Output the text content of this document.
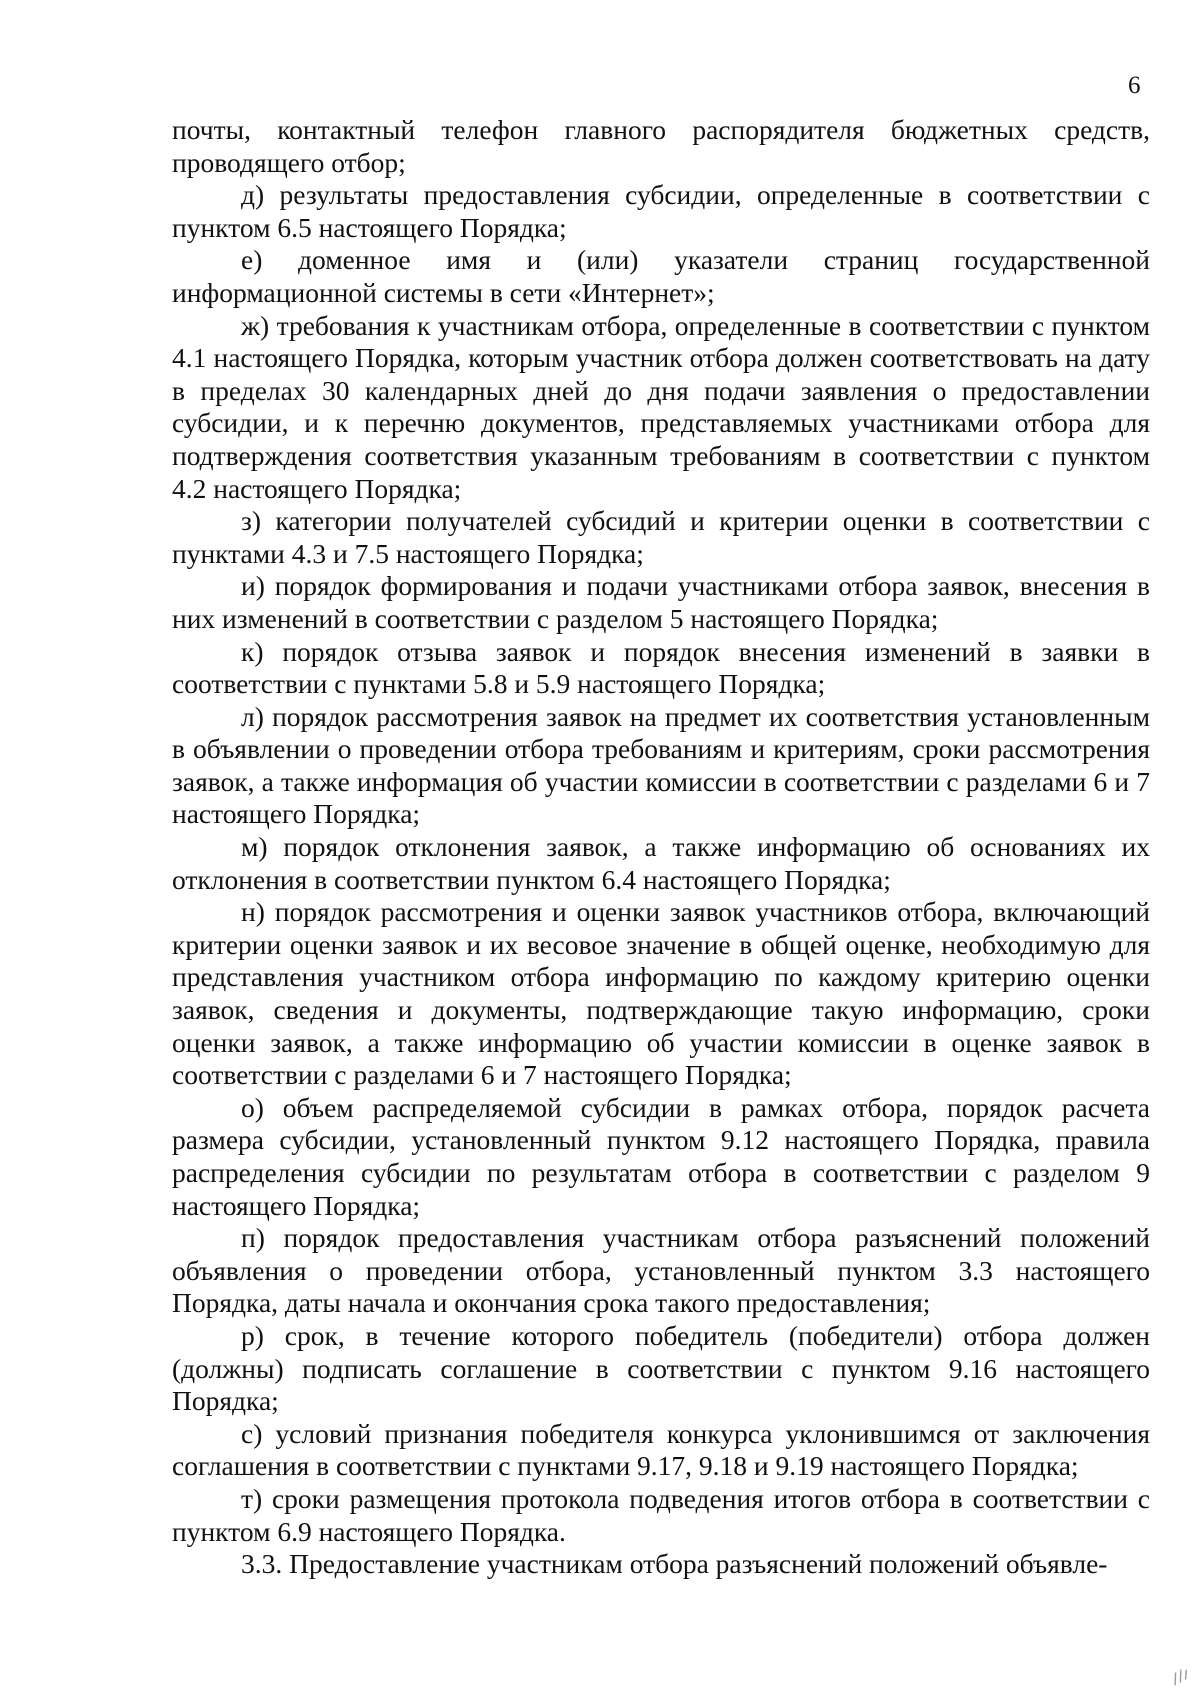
6

почты, контактный телефон главного распорядителя бюджетных средств, проводящего отбор;

д) результаты предоставления субсидии, определенные в соответствии с пунктом 6.5 настоящего Порядка;

е) доменное имя и (или) указатели страниц государственной информационной системы в сети «Интернет»;

ж) требования к участникам отбора, определенные в соответствии с пунктом 4.1 настоящего Порядка, которым участник отбора должен соответствовать на дату в пределах 30 календарных дней до дня подачи заявления о предоставлении субсидии, и к перечню документов, представляемых участниками отбора для подтверждения соответствия указанным требованиям в соответствии с пунктом 4.2 настоящего Порядка;

з) категории получателей субсидий и критерии оценки в соответствии с пунктами 4.3 и 7.5 настоящего Порядка;

и) порядок формирования и подачи участниками отбора заявок, внесения в них изменений в соответствии с разделом 5 настоящего Порядка;

к) порядок отзыва заявок и порядок внесения изменений в заявки в соответствии с пунктами 5.8 и 5.9 настоящего Порядка;

л) порядок рассмотрения заявок на предмет их соответствия установленным в объявлении о проведении отбора требованиям и критериям, сроки рассмотрения заявок, а также информация об участии комиссии в соответствии с разделами 6 и 7 настоящего Порядка;

м) порядок отклонения заявок, а также информацию об основаниях их отклонения в соответствии пунктом 6.4 настоящего Порядка;

н) порядок рассмотрения и оценки заявок участников отбора, включающий критерии оценки заявок и их весовое значение в общей оценке, необходимую для представления участником отбора информацию по каждому критерию оценки заявок, сведения и документы, подтверждающие такую информацию, сроки оценки заявок, а также информацию об участии комиссии в оценке заявок в соответствии с разделами 6 и 7 настоящего Порядка;

о) объем распределяемой субсидии в рамках отбора, порядок расчета размера субсидии, установленный пунктом 9.12 настоящего Порядка, правила распределения субсидии по результатам отбора в соответствии с разделом 9 настоящего Порядка;

п) порядок предоставления участникам отбора разъяснений положений объявления о проведении отбора, установленный пунктом 3.3 настоящего Порядка, даты начала и окончания срока такого предоставления;

р) срок, в течение которого победитель (победители) отбора должен (должны) подписать соглашение в соответствии с пунктом 9.16 настоящего Порядка;

с) условий признания победителя конкурса уклонившимся от заключения соглашения в соответствии с пунктами 9.17, 9.18 и 9.19 настоящего Порядка;

т) сроки размещения протокола подведения итогов отбора в соответствии с пунктом 6.9 настоящего Порядка.

3.3. Предоставление участникам отбора разъяснений положений объявле-
